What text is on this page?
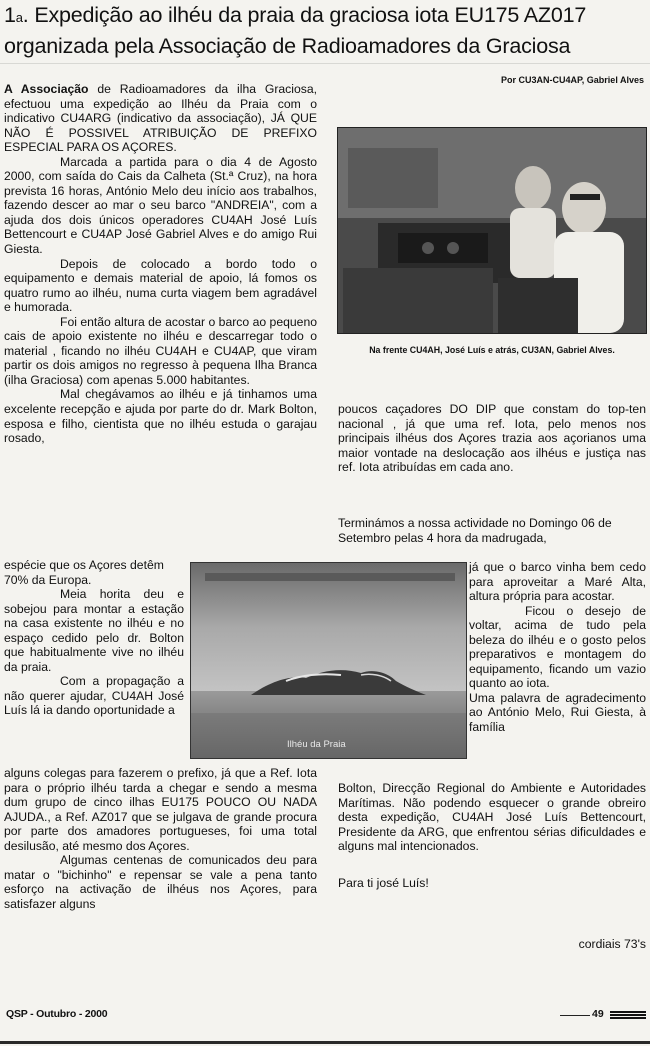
1$^a$. Expedição ao ilhéu da praia da graciosa iota EU175 AZ017
organizada pela Associação de Radioamadores da Graciosa
Por CU3AN-CU4AP, Gabriel Alves

A Associação de Radioamadores da ilha Graciosa, efectuou uma expedição ao Ilhéu da Praia com o indicativo CU4ARG (indicativo da associação), JÁ QUE NÃO É POSSIVEL ATRIBUIÇÃO DE PREFIXO ESPECIAL PARA OS AÇORES.

Marcada a partida para o dia 4 de Agosto 2000, com saída do Cais da Calheta (St.ª Cruz), na hora prevista 16 horas, António Melo deu início aos trabalhos, fazendo descer ao mar o seu barco "ANDREIA", com a ajuda dos dois únicos operadores CU4AH José Luís Bettencourt e CU4AP José Gabriel Alves e do amigo Rui Giesta.

Depois de colocado a bordo todo o equipamento e demais material de apoio, lá fomos os quatro rumo ao ilhéu, numa curta viagem bem agradável e humorada.

Foi então altura de acostar o barco ao pequeno cais de apoio existente no ilhéu e descarregar todo o material , ficando no ilhéu CU4AH e CU4AP, que viram partir os dois amigos no regresso à pequena Ilha Branca (ilha Graciosa) com apenas 5.000 habitantes.

Mal chegávamos ao ilhéu e já tinhamos uma excelente recepção e ajuda por parte do dr. Mark Bolton, esposa e filho, cientista que no ilhéu estuda o garajau rosado,

espécie que os Açores detêm 70% da Europa.

Meia horita deu e sobejou para montar a estação na casa existente no ilhéu e no espaço cedido pelo dr. Bolton que habitualmente vive no ilhéu da praia.

Com a propagação a não querer ajudar, CU4AH José Luís lá ia dando oportunidade a

alguns colegas para fazerem o prefixo, já que a Ref. Iota para o próprio ilhéu tarda a chegar e sendo a mesma dum grupo de cinco ilhas EU175 POUCO OU NADA AJUDA., a Ref. AZ017 que se julgava de grande procura por parte dos amadores portugueses, foi uma total desilusão, até mesmo dos Açores.

Algumas centenas de comunicados deu para matar o "bichinho" e repensar se vale a pena tanto esforço na activação de ilhéus nos Açores, para satisfazer alguns

Na frente CU4AH, José Luís e atrás, CU3AN, Gabriel Alves.

poucos caçadores DO DIP que constam do top-ten nacional , já que uma ref. Iota, pelo menos nos principais ilhéus dos Açores trazia aos açorianos uma maior vontade na deslocação aos ilhéus e justiça nas ref. Iota atribuídas em cada ano.

Terminámos a nossa actividade no Domingo 06 de Setembro pelas 4 hora da madrugada,

já que o barco vinha bem cedo para aproveitar a Maré Alta, altura própria para acostar.

Ficou o desejo de voltar, acima de tudo pela beleza do ilhéu e o gosto pelos preparativos e montagem do equipamento, ficando um vazio quanto ao iota.

Uma palavra de agradecimento ao António Melo, Rui Giesta, à família

Bolton, Direcção Regional do Ambiente e Autoridades Marítimas. Não podendo esquecer o grande obreiro desta expedição, CU4AH José Luís Bettencourt, Presidente da ARG, que enfrentou sérias dificuldades e alguns mal intencionados.

Para ti josé Luís!
cordiais 73's
Ilhéu da Praia
QSP - Outubro - 2000	49
